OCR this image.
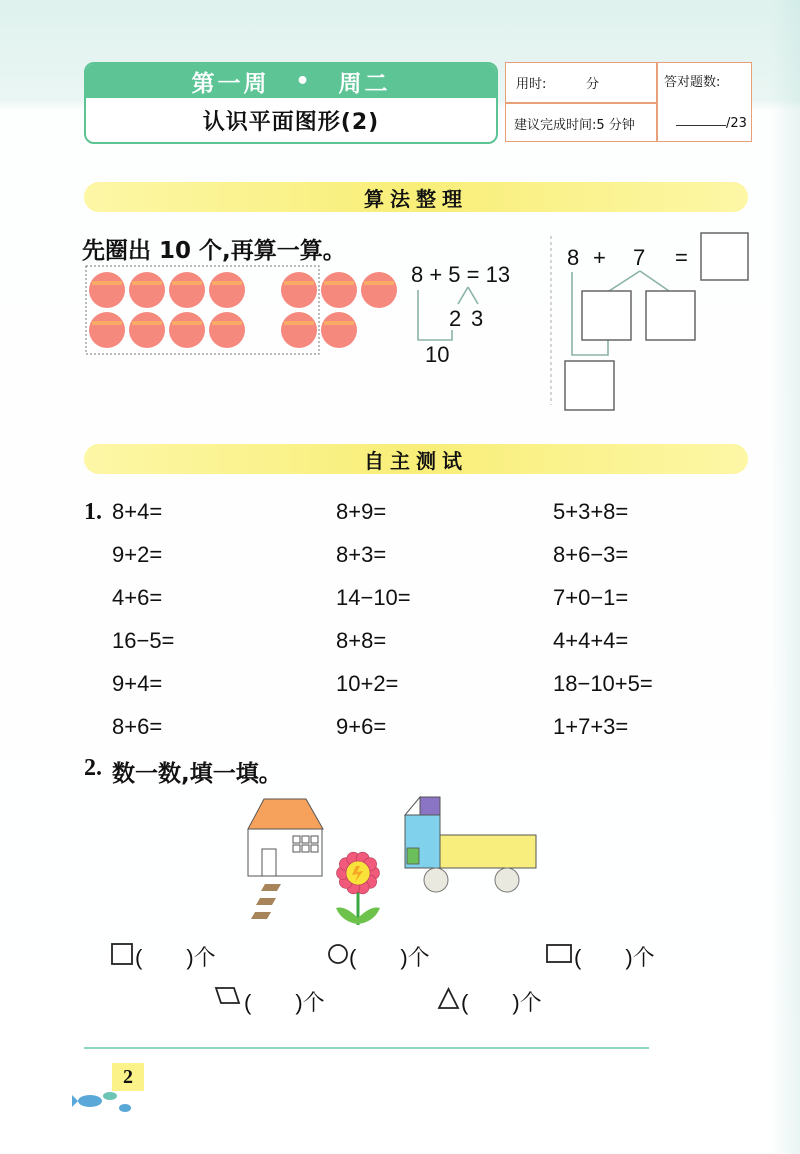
第一周 • 周二
认识平面图形(2)
用时:	分	答对题数:
建议完成时间:5 分钟	/23
算法整理
先圈出 10 个,再算一算。
8 + 5 = 13
2 3
10
8 + 7 =
自主测试
1. 8+4=	8+9=	5+3+8=
9+2=	8+3=	8+6−3=
4+6=	14−10=	7+0−1=
16−5=	8+8=	4+4+4=
9+4=	10+2=	18−10+5=
8+6=	9+6=	1+7+3=
2. 数一数,填一填。
(　　)个	(　　)个	(　　)个
(　　)个	(　　)个
2
